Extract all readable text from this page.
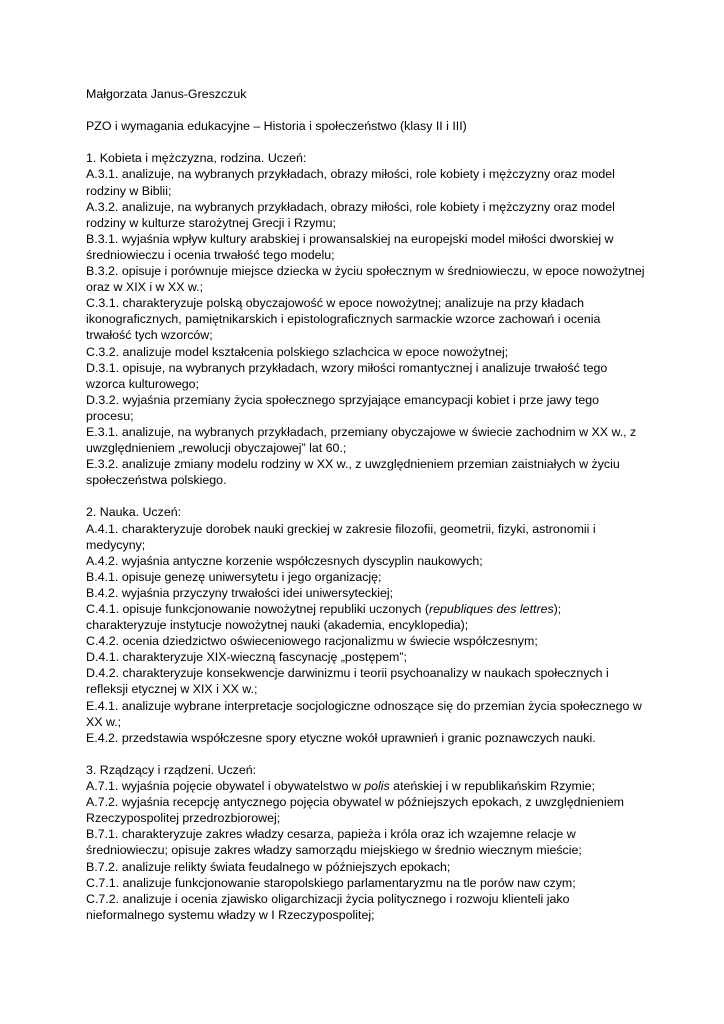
Małgorzata Janus-Greszczuk

PZO i wymagania edukacyjne – Historia i społeczeństwo (klasy II i III)

1. Kobieta i mężczyzna, rodzina. Uczeń:
A.3.1. analizuje, na wybranych przykładach, obrazy miłości, role kobiety i mężczyzny oraz model
rodziny w Biblii;
A.3.2. analizuje, na wybranych przykładach, obrazy miłości, role kobiety i mężczyzny oraz model
rodziny w kulturze starożytnej Grecji i Rzymu;
B.3.1. wyjaśnia wpływ kultury arabskiej i prowansalskiej na europejski model miłości dworskiej w
średniowieczu i ocenia trwałość tego modelu;
B.3.2. opisuje i porównuje miejsce dziecka w życiu społecznym w średniowieczu, w epoce nowożytnej
oraz w XIX i w XX w.;
C.3.1. charakteryzuje polską obyczajowość w epoce nowożytnej; analizuje na przy kładach
ikonograficznych, pamiętnikarskich i epistolograficznych sarmackie wzorce zachowań i ocenia
trwałość tych wzorców;
C.3.2. analizuje model kształcenia polskiego szlachcica w epoce nowożytnej;
D.3.1. opisuje, na wybranych przykładach, wzory miłości romantycznej i analizuje trwałość tego
wzorca kulturowego;
D.3.2. wyjaśnia przemiany życia społecznego sprzyjające emancypacji kobiet i prze jawy tego procesu;
E.3.1. analizuje, na wybranych przykładach, przemiany obyczajowe w świecie zachodnim w XX w., z
uwzględnieniem „rewolucji obyczajowej” lat 60.;
E.3.2. analizuje zmiany modelu rodziny w XX w., z uwzględnieniem przemian zaistniałych w życiu
społeczeństwa polskiego.
2. Nauka. Uczeń:
A.4.1. charakteryzuje dorobek nauki greckiej w zakresie filozofii, geometrii, fizyki, astronomii i
medycyny;
A.4.2. wyjaśnia antyczne korzenie współczesnych dyscyplin naukowych;
B.4.1. opisuje genezę uniwersytetu i jego organizację;
B.4.2. wyjaśnia przyczyny trwałości idei uniwersyteckiej;
C.4.1. opisuje funkcjonowanie nowożytnej republiki uczonych (republiques des lettres);
charakteryzuje instytucje nowożytnej nauki (akademia, encyklopedia);
C.4.2. ocenia dziedzictwo oświeceniowego racjonalizmu w świecie współczesnym;
D.4.1. charakteryzuje XIX-wieczną fascynację „postępem”;
D.4.2. charakteryzuje konsekwencje darwinizmu i teorii psychoanalizy w naukach społecznych i
refleksji etycznej w XIX i XX w.;
E.4.1. analizuje wybrane interpretacje socjologiczne odnoszące się do przemian życia społecznego w
XX w.;
E.4.2. przedstawia współczesne spory etyczne wokół uprawnień i granic poznawczych nauki.
3. Rządzący i rządzeni. Uczeń:
A.7.1. wyjaśnia pojęcie obywatel i obywatelstwo w polis ateńskiej i w republikańskim Rzymie;
A.7.2. wyjaśnia recepcję antycznego pojęcia obywatel w późniejszych epokach, z uwzględnieniem
Rzeczypospolitej przedrozbiorowej;
B.7.1. charakteryzuje zakres władzy cesarza, papieża i króla oraz ich wzajemne relacje w
średniowieczu; opisuje zakres władzy samorządu miejskiego w średnio wiecznym mieście;
B.7.2. analizuje relikty świata feudalnego w późniejszych epokach;
C.7.1. analizuje funkcjonowanie staropolskiego parlamentaryzmu na tle porów naw czym;
C.7.2. analizuje i ocenia zjawisko oligarchizacji życia politycznego i rozwoju klienteli jako
nieformalnego systemu władzy w I Rzeczypospolitej;
